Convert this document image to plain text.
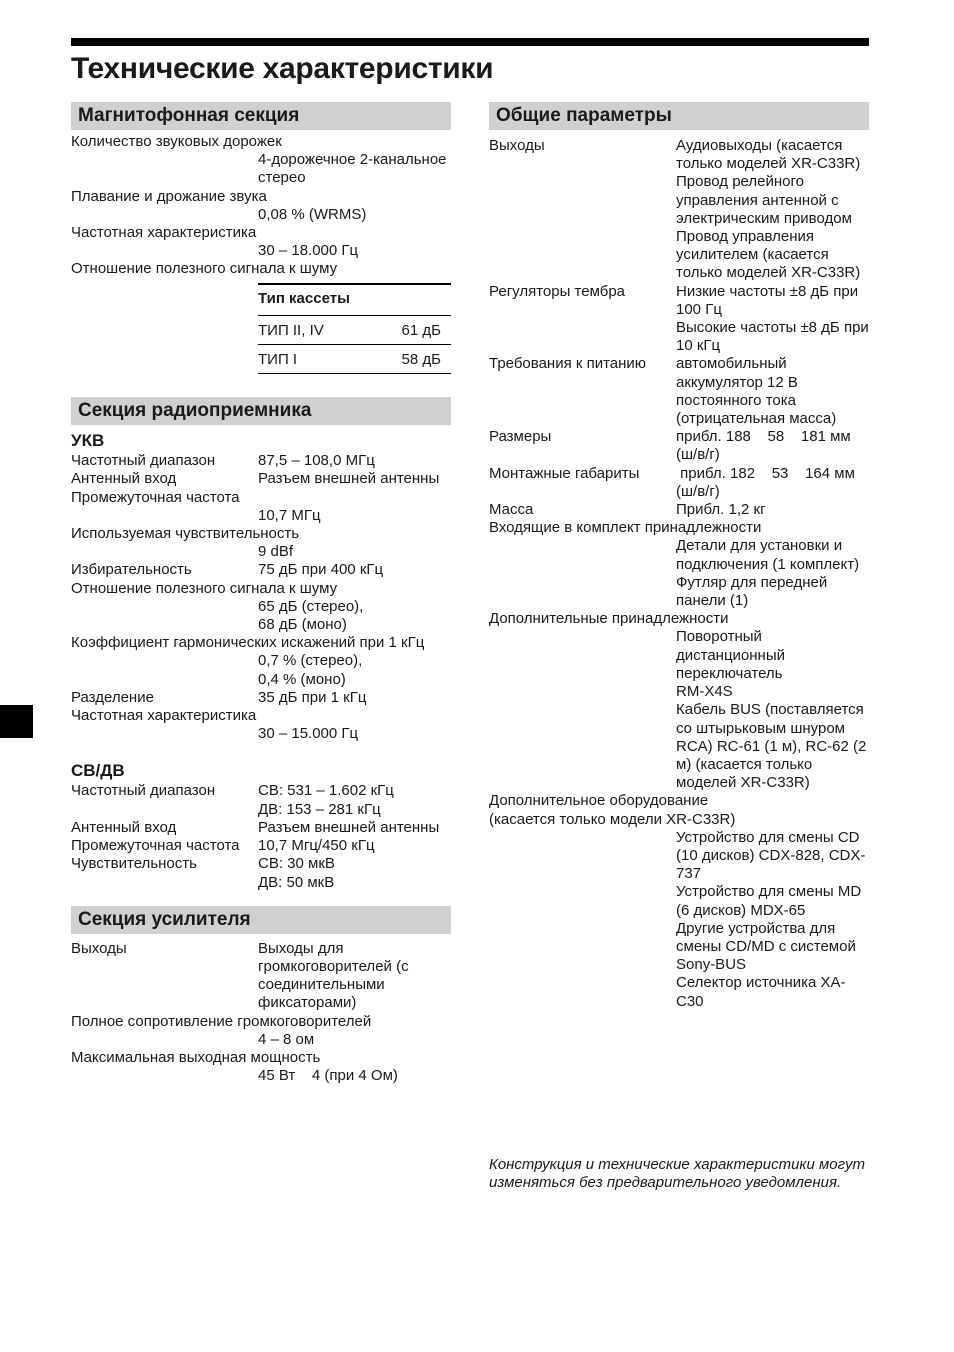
Технические характеристики
Магнитофонная секция
Количество звуковых дорожек
4-дорожечное 2-канальное стерео
Плавание и дрожание звука
0,08 % (WRMS)
Частотная характеристика
30 – 18.000 Гц
Отношение полезного сигнала к шуму
Тип кассеты	
ТИП II, IV	61 дБ
ТИП I	58 дБ
Секция радиоприемника
УКВ
Частотный диапазон	87,5 – 108,0 МГц
Антенный вход	Разъем внешней антенны
Промежуточная частота
10,7 МГц
Используемая чувствительность
9 dBf
Избирательность	75 дБ при 400 кГц
Отношение полезного сигнала к шуму
65 дБ (стерео),
68 дБ (моно)
Коэффициент гармонических искажений при 1 кГц
0,7 % (стерео),
0,4 % (моно)
Разделение	35 дБ при 1 кГц
Частотная характеристика
30 – 15.000 Гц
СВ/ДВ
Частотный диапазон	СВ: 531 – 1.602 кГц
ДВ: 153 – 281 кГц
Антенный вход	Разъем внешней антенны
Промежуточная частота	10,7 Мгц/450 кГц
Чувствительность	СВ: 30 мкВ
ДВ: 50 мкВ
Секция усилителя
Выходы	Выходы для громкоговорителей (с соединительными фиксаторами)
Полное сопротивление громкоговорителей
4 – 8 ом
Максимальная выходная мощность
45 Вт    4 (при 4 Ом)
Общие параметры
Выходы	Аудиовыходы (касается только моделей XR-C33R)
Провод релейного управления антенной с электрическим приводом
Провод управления усилителем (касается только моделей XR-C33R)
Регуляторы тембра	Низкие частоты ±8 дБ при 100 Гц
Высокие частоты ±8 дБ при 10 кГц
Требования к питанию	автомобильный аккумулятор 12 В постоянного тока (отрицательная масса)
Размеры	прибл. 188    58    181 мм (ш/в/г)
Монтажные габариты	прибл. 182    53    164 мм (ш/в/г)
Масса	Прибл. 1,2 кг
Входящие в комплект принадлежности
Детали для установки и подключения (1 комплект)
Футляр для передней панели (1)
Дополнительные принадлежности
Поворотный дистанционный переключатель RM-X4S
Кабель BUS (поставляется со штырьковым шнуром RCA) RC-61 (1 м), RC-62 (2 м) (касается только моделей XR-C33R)
Дополнительное оборудование
(касается только модели XR-C33R)
Устройство для смены CD (10 дисков) CDX-828, CDX-737
Устройство для смены MD (6 дисков) MDX-65
Другие устройства для смены CD/MD с системой Sony-BUS
Селектор источника XA-C30
Конструкция и технические характеристики могут изменяться без предварительного уведомления.
